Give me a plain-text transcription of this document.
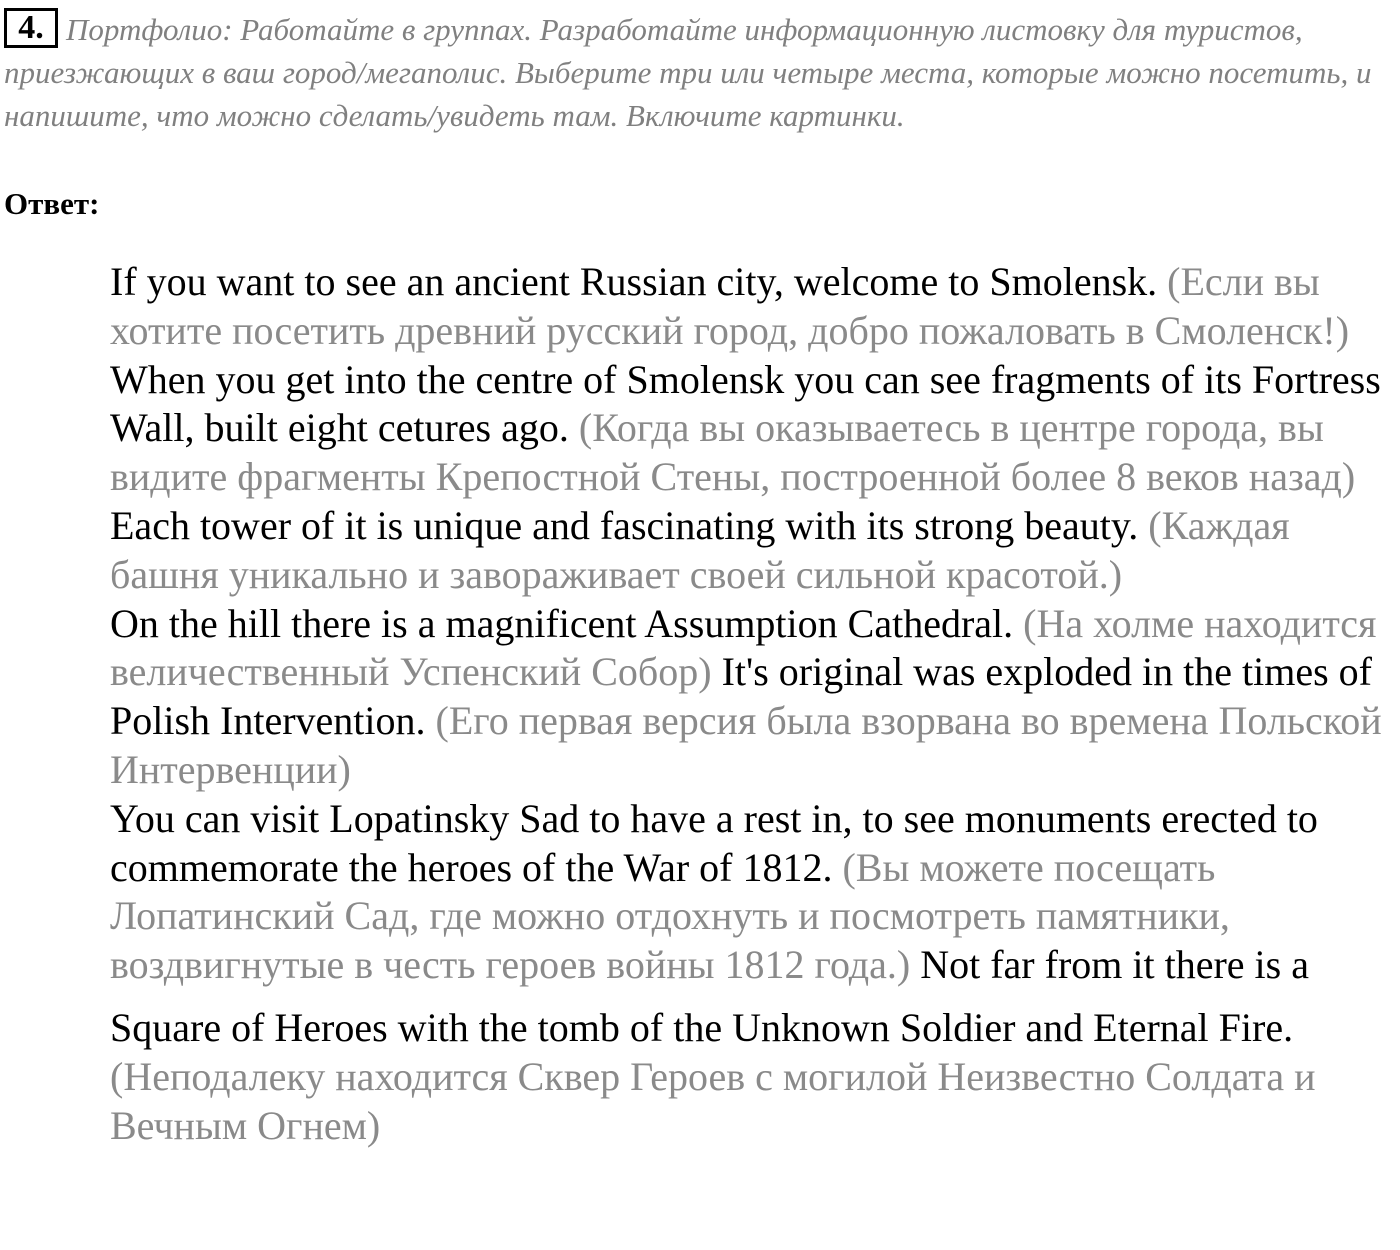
4. Портфолио: Работайте в группах. Разработайте информационную листовку для туристов, приезжающих в ваш город/мегаполис. Выберите три или четыре места, которые можно посетить, и напишите, что можно сделать/увидеть там. Включите картинки.
Ответ:

If you want to see an ancient Russian city, welcome to Smolensk. (Если вы хотите посетить древний русский город, добро пожаловать в Смоленск!)

When you get into the centre of Smolensk you can see fragments of its Fortress Wall, built eight cetures ago. (Когда вы оказываетесь в центре города, вы видите фрагменты Крепостной Стены, построенной более 8 веков назад) Each tower of it is unique and fascinating with its strong beauty. (Каждая башня уникально и завораживает своей сильной красотой.)

On the hill there is a magnificent Assumption Cathedral. (На холме находится величественный Успенский Собор) It's original was exploded in the times of Polish Intervention. (Его первая версия была взорвана во времена Польской Интервенции)

You can visit Lopatinsky Sad to have a rest in, to see monuments erected to commemorate the heroes of the War of 1812. (Вы можете посещать Лопатинский Сад, где можно отдохнуть и посмотреть памятники, воздвигнутые в честь героев войны 1812 года.) Not far from it there is a
Square of Heroes with the tomb of the Unknown Soldier and Eternal Fire. (Неподалеку находится Сквер Героев с могилой Неизвестно Солдата и Вечным Огнем)
